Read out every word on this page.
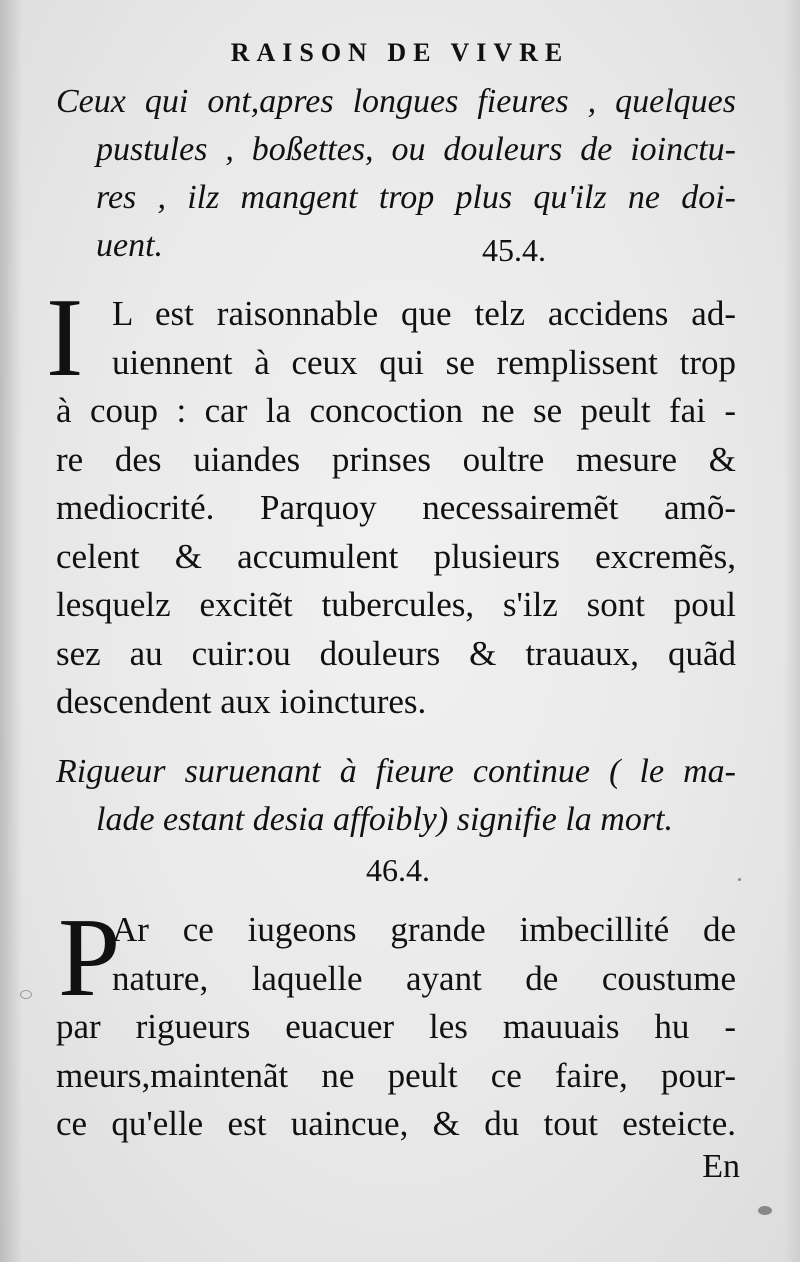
RAISON DE VIVRE
Ceux qui ont,apres longues fieures , quelques
pustules , boßettes, ou douleurs de ioinctu-
res , ilz mangent trop plus qu'ilz ne doi-
uent.	45.4.
I L est raisonnable que telz accidens ad-
uiennent à ceux qui se remplissent trop
à coup : car la concoction ne se peult fai -
re des uiandes prinses oultre mesure &
mediocrité. Parquoy necessairemẽt amõ-
celent & accumulent plusieurs excremẽs,
lesquelz excitẽt tubercules, s'ilz sont poul
sez au cuir:ou douleurs & trauaux, quãd
descendent aux ioinctures.
Rigueur suruenant à fieure continue ( le ma-
lade estant desia affoibly) signifie la mort.
46.4.
P
Ar ce iugeons grande imbecillité de
nature, laquelle ayant de coustume
par rigueurs euacuer les mauuais hu -
meurs,maintenãt ne peult ce faire, pour-
ce qu'elle est uaincue, & du tout esteicte.
En
